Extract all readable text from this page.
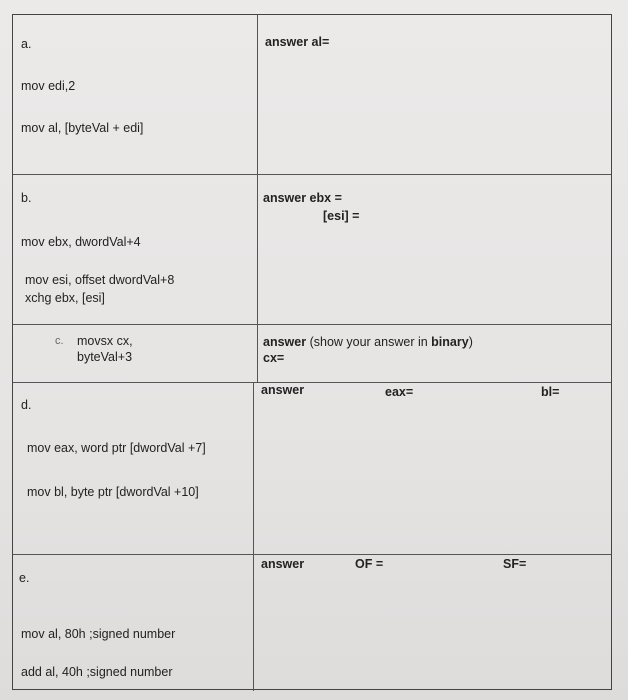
a.
mov edi,2
mov al, [byteVal + edi]
answer al=
b.
mov ebx, dwordVal+4
mov esi, offset dwordVal+8
xchg ebx, [esi]
answer ebx =
[esi] =
c. movsx cx,
byteVal+3
answer (show your answer in binary)
cx=
d.
mov eax, word ptr [dwordVal +7]
mov bl, byte ptr [dwordVal +10]
answer	eax=	bl=
e.
mov al, 80h ;signed number
add al, 40h ;signed number
answer	OF =	SF=
